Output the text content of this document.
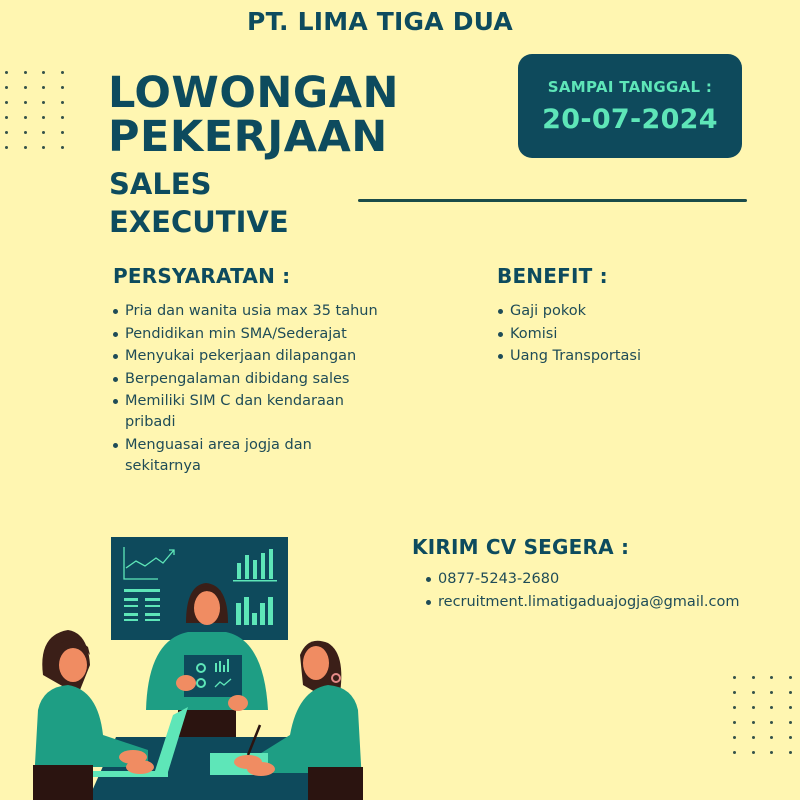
PT. LIMA TIGA DUA
LOWONGAN
PEKERJAAN
SALES
EXECUTIVE
SAMPAI TANGGAL :
20-07-2024
PERSYARATAN :
Pria dan wanita usia max 35 tahun
Pendidikan min SMA/Sederajat
Menyukai pekerjaan dilapangan
Berpengalaman dibidang sales
Memiliki SIM C dan kendaraan pribadi
Menguasai area jogja dan sekitarnya
BENEFIT :
Gaji pokok
Komisi
Uang Transportasi
KIRIM CV SEGERA :
0877-5243-2680
recruitment.limatigaduajogja@gmail.com
